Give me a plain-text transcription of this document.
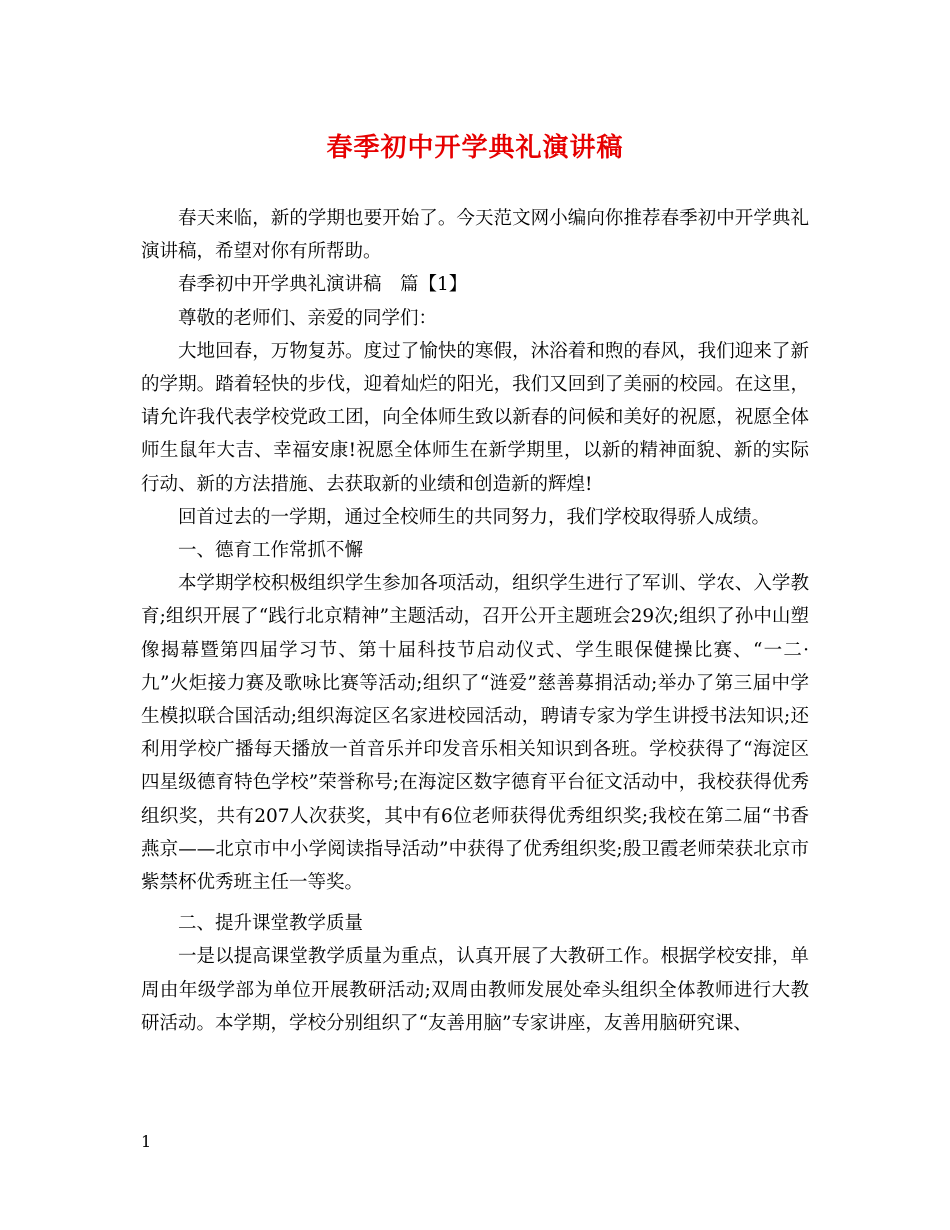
春季初中开学典礼演讲稿

春天来临，新的学期也要开始了。今天范文网小编向你推荐春季初中开学典礼演讲稿，希望对你有所帮助。

春季初中开学典礼演讲稿　篇【1】

尊敬的老师们、亲爱的同学们：

大地回春，万物复苏。度过了愉快的寒假，沐浴着和煦的春风，我们迎来了新的学期。踏着轻快的步伐，迎着灿烂的阳光，我们又回到了美丽的校园。在这里，请允许我代表学校党政工团，向全体师生致以新春的问候和美好的祝愿，祝愿全体师生鼠年大吉、幸福安康!祝愿全体师生在新学期里，以新的精神面貌、新的实际行动、新的方法措施、去获取新的业绩和创造新的辉煌!

回首过去的一学期，通过全校师生的共同努力，我们学校取得骄人成绩。

一、德育工作常抓不懈

本学期学校积极组织学生参加各项活动，组织学生进行了军训、学农、入学教育;组织开展了“践行北京精神”主题活动，召开公开主题班会29次;组织了孙中山塑像揭幕暨第四届学习节、第十届科技节启动仪式、学生眼保健操比赛、“一二·九”火炬接力赛及歌咏比赛等活动;组织了“涟爱”慈善募捐活动;举办了第三届中学生模拟联合国活动;组织海淀区名家进校园活动，聘请专家为学生讲授书法知识;还利用学校广播每天播放一首音乐并印发音乐相关知识到各班。学校获得了“海淀区四星级德育特色学校”荣誉称号;在海淀区数字德育平台征文活动中，我校获得优秀组织奖，共有207人次获奖，其中有6位老师获得优秀组织奖;我校在第二届“书香燕京——北京市中小学阅读指导活动”中获得了优秀组织奖;殷卫霞老师荣获北京市紫禁杯优秀班主任一等奖。

二、提升课堂教学质量

一是以提高课堂教学质量为重点，认真开展了大教研工作。根据学校安排，单周由年级学部为单位开展教研活动;双周由教师发展处牵头组织全体教师进行大教研活动。本学期，学校分别组织了“友善用脑”专家讲座，友善用脑研究课、

1
